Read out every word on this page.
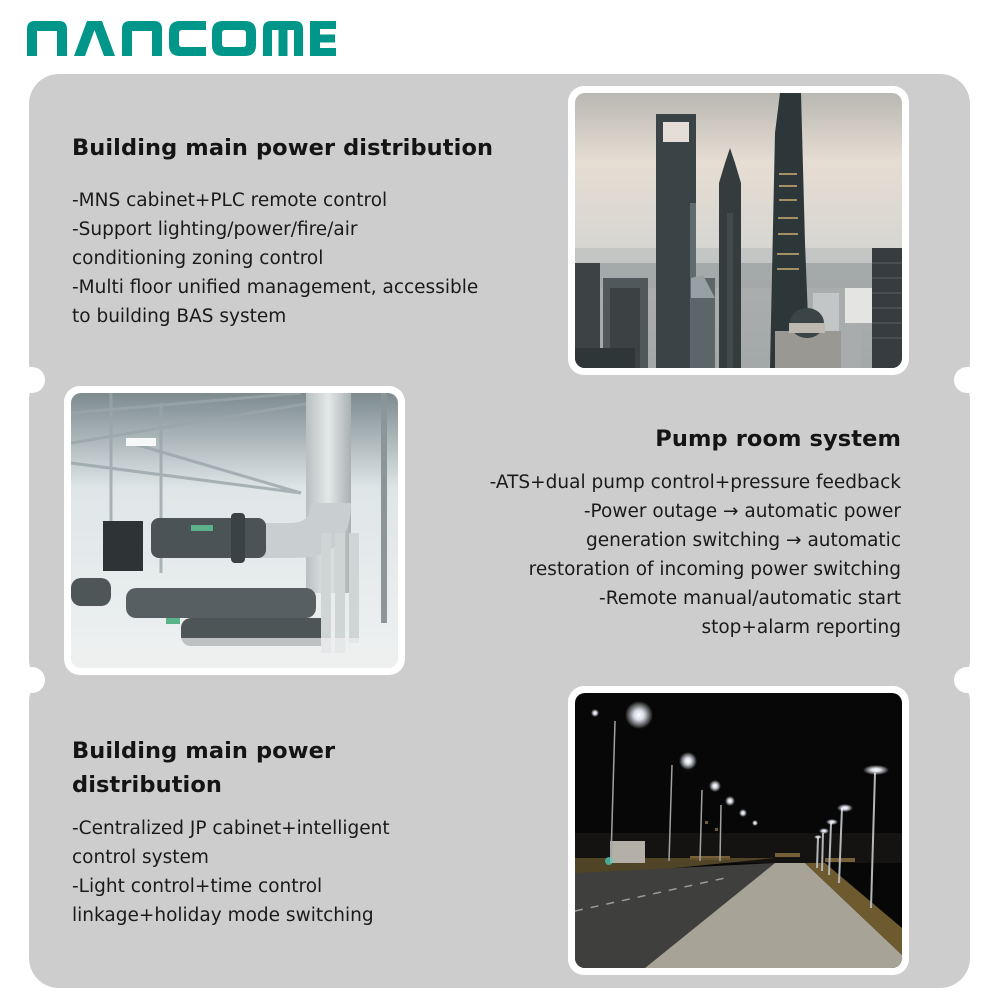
Building main power distribution
-MNS cabinet+PLC remote control
-Support lighting/power/fire/air
conditioning zoning control
-Multi floor unified management, accessible
to building BAS system
Pump room system
-ATS+dual pump control+pressure feedback
-Power outage → automatic power
generation switching → automatic
restoration of incoming power switching
-Remote manual/automatic start
stop+alarm reporting
Building main power
distribution
-Centralized JP cabinet+intelligent
control system
-Light control+time control
linkage+holiday mode switching
